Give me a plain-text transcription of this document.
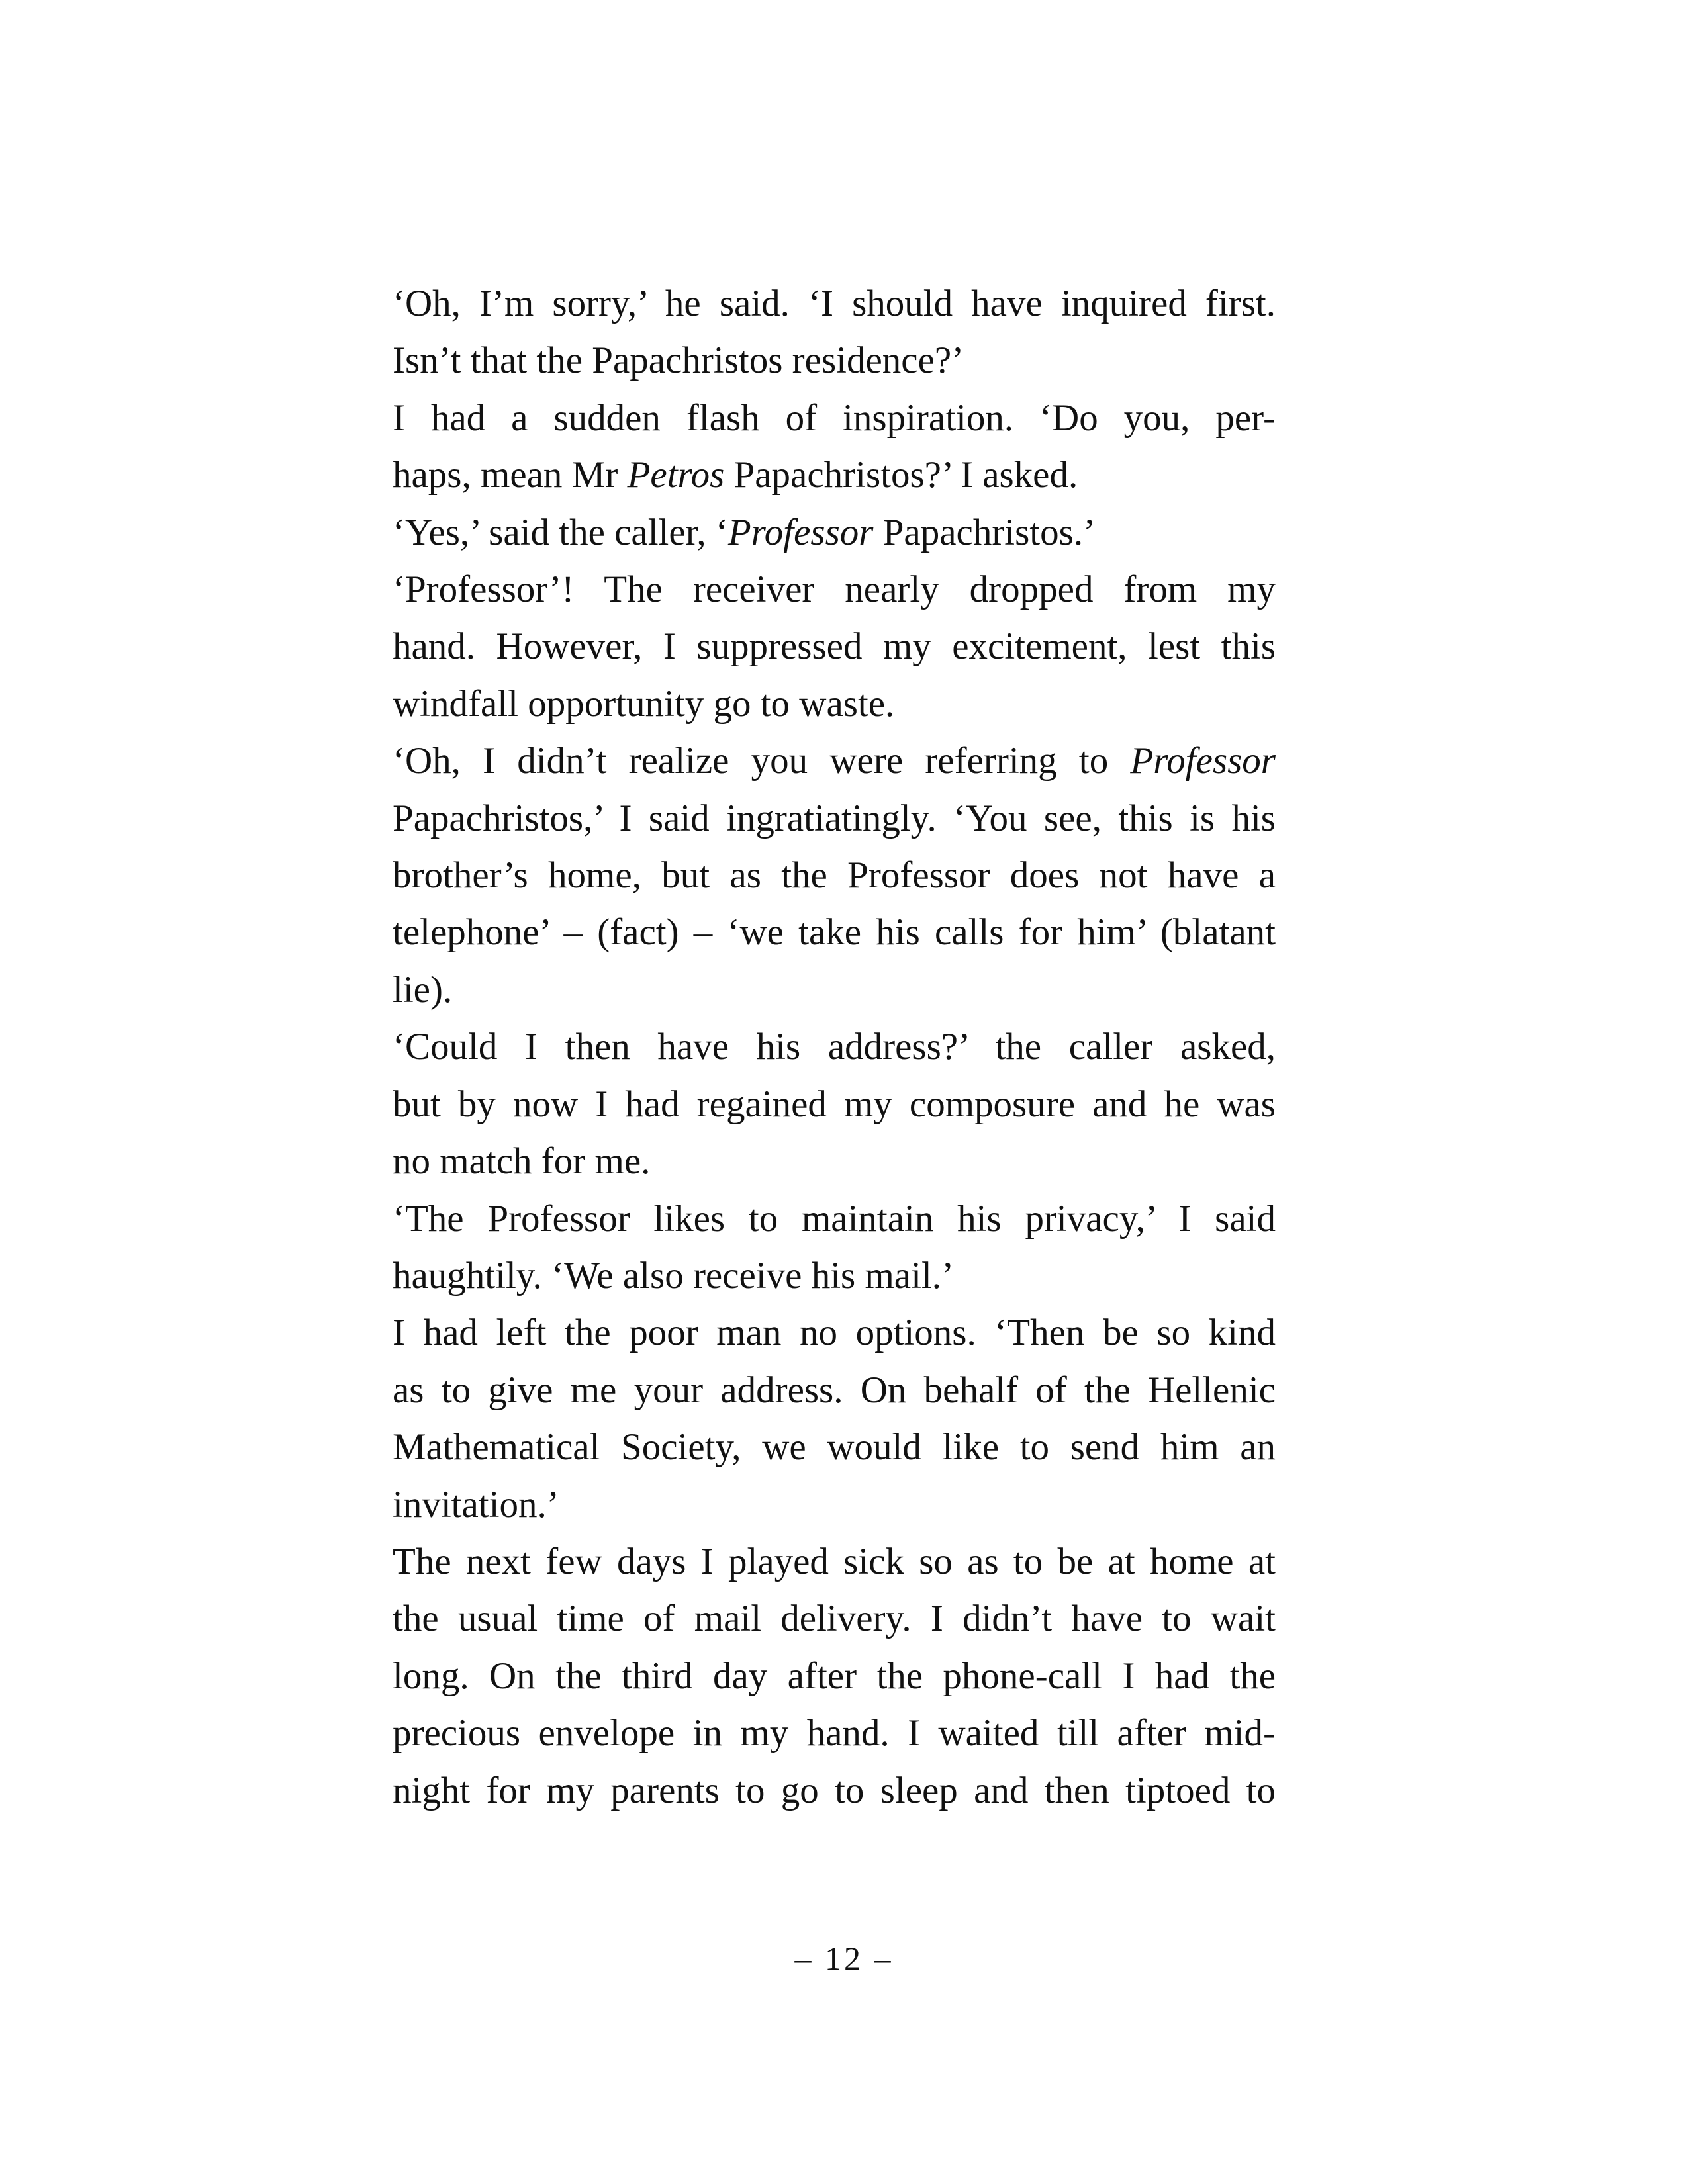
‘Oh, I’m sorry,’ he said. ‘I should have inquired first.
Isn’t that the Papachristos residence?’

I had a sudden flash of inspiration. ‘Do you, per-
haps, mean Mr Petros Papachristos?’ I asked.

‘Yes,’ said the caller, ‘Professor Papachristos.’

‘Professor’! The receiver nearly dropped from my
hand. However, I suppressed my excitement, lest this
windfall opportunity go to waste.

‘Oh, I didn’t realize you were referring to Professor
Papachristos,’ I said ingratiatingly. ‘You see, this is his
brother’s home, but as the Professor does not have a
telephone’ – (fact) – ‘we take his calls for him’ (blatant
lie).

‘Could I then have his address?’ the caller asked,
but by now I had regained my composure and he was
no match for me.

‘The Professor likes to maintain his privacy,’ I said
haughtily. ‘We also receive his mail.’

I had left the poor man no options. ‘Then be so kind
as to give me your address. On behalf of the Hellenic
Mathematical Society, we would like to send him an
invitation.’

The next few days I played sick so as to be at home at
the usual time of mail delivery. I didn’t have to wait
long. On the third day after the phone-call I had the
precious envelope in my hand. I waited till after mid-
night for my parents to go to sleep and then tiptoed to

– 12 –
